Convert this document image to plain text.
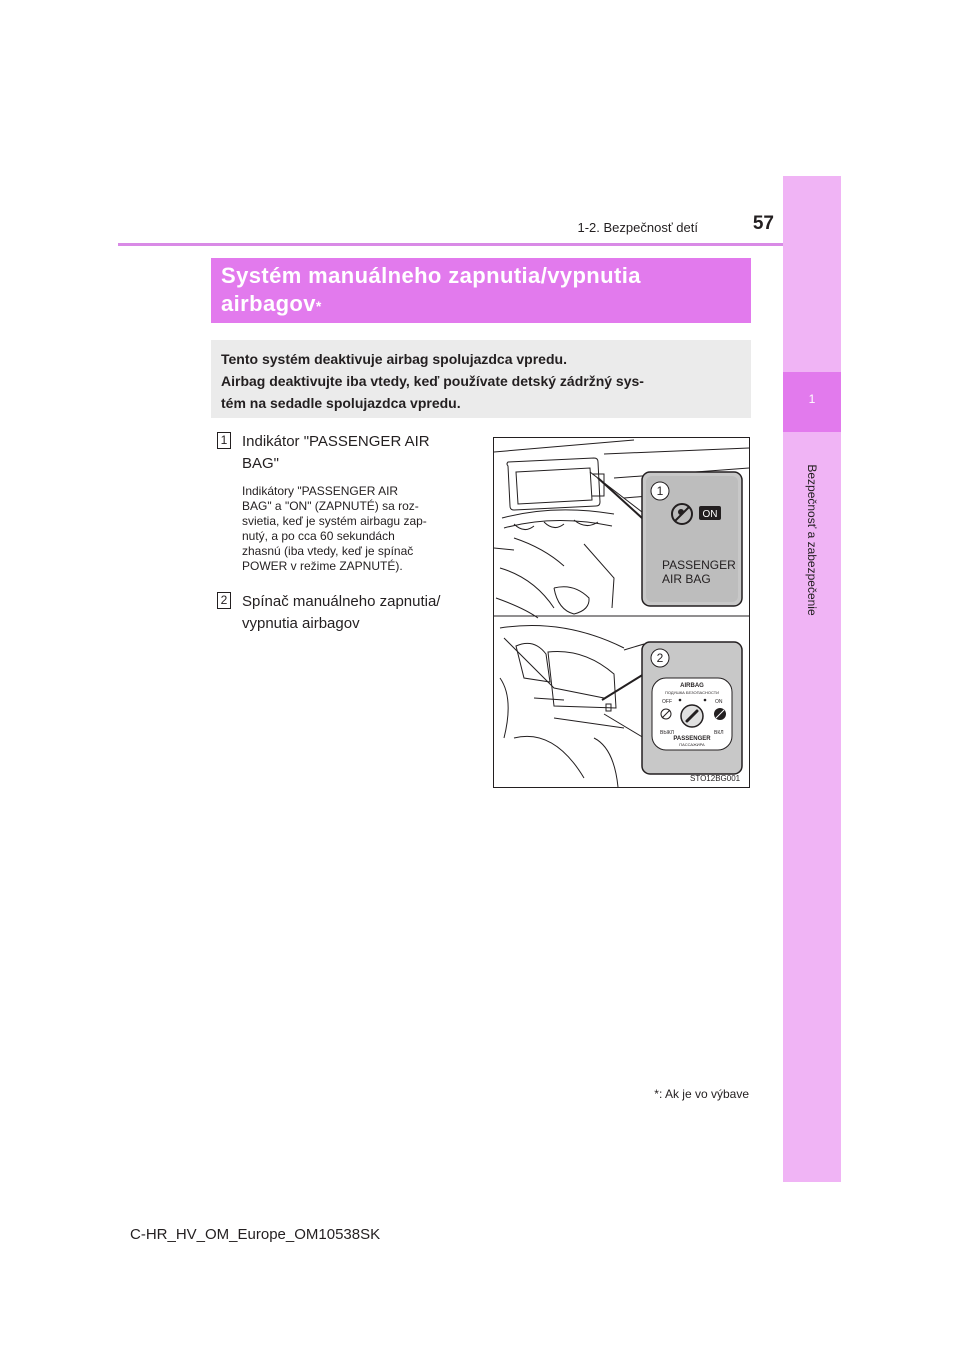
1
Bezpečnosť a zabezpečenie
1-2. Bezpečnosť detí	57
Systém manuálneho zapnutia/vypnutia
airbagov*
Tento systém deaktivuje airbag spolujazdca vpredu.
Airbag deaktivujte iba vtedy, keď používate detský zádržný sys-
tém na sedadle spolujazdca vpredu.
1 Indikátor "PASSENGER AIR
BAG"
Indikátory "PASSENGER AIR
BAG" a "ON" (ZAPNUTÉ) sa roz-
svietia, keď je systém airbagu zap-
nutý, a po cca 60 sekundách
zhasnú (iba vtedy, keď je spínač
POWER v režime ZAPNUTÉ).
2 Spínač manuálneho zapnutia/
vypnutia airbagov
1
ON
PASSENGER
AIR BAG
2
AIRBAG
ПОДУШКА БЕЗОПАСНОСТИ
OFF	ON
ВЫКЛ	ВКЛ
PASSENGER
ПАССАЖИРА
STO12BG001
*: Ak je vo výbave
C-HR_HV_OM_Europe_OM10538SK
